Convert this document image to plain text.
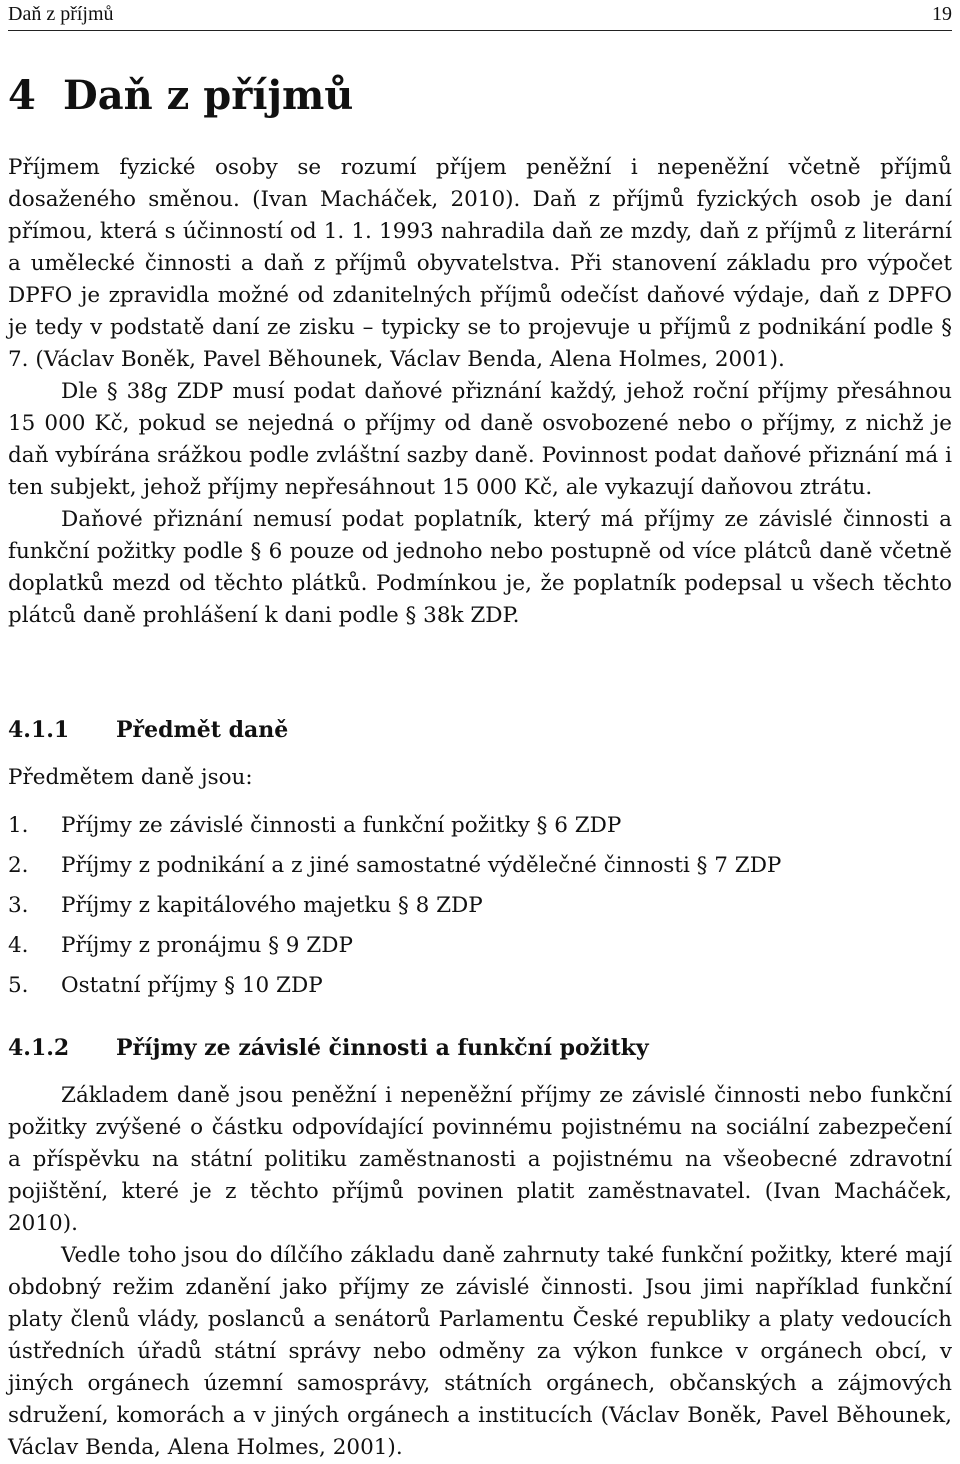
Daň z příjmů	19
4 Daň z příjmů

Příjmem fyzické osoby se rozumí příjem peněžní i nepeněžní včetně příjmů dosaženého směnou. (Ivan Macháček, 2010). Daň z příjmů fyzických osob je daní přímou, která s účinností od 1. 1. 1993 nahradila daň ze mzdy, daň z příjmů z literární a umělecké činnosti a daň z příjmů obyvatelstva. Při stanovení základu pro výpočet DPFO je zpravidla možné od zdanitelných příjmů odečíst daňové výdaje, daň z DPFO je tedy v podstatě daní ze zisku – typicky se to projevuje u příjmů z podnikání podle § 7. (Václav Boněk, Pavel Běhounek, Václav Benda, Alena Holmes, 2001).

Dle § 38g ZDP musí podat daňové přiznání každý, jehož roční příjmy přesáhnou 15 000 Kč, pokud se nejedná o příjmy od daně osvobozené nebo o příjmy, z nichž je daň vybírána srážkou podle zvláštní sazby daně. Povinnost podat daňové přiznání má i ten subjekt, jehož příjmy nepřesáhnout 15 000 Kč, ale vykazují daňovou ztrátu.

Daňové přiznání nemusí podat poplatník, který má příjmy ze závislé činnosti a funkční požitky podle § 6 pouze od jednoho nebo postupně od více plátců daně včetně doplatků mezd od těchto plátků. Podmínkou je, že poplatník podepsal u všech těchto plátců daně prohlášení k dani podle § 38k ZDP.

4.1.1	Předmět daně

Předmětem daně jsou:

1.	Příjmy ze závislé činnosti a funkční požitky § 6 ZDP
2.	Příjmy z podnikání a z jiné samostatné výdělečné činnosti § 7 ZDP
3.	Příjmy z kapitálového majetku § 8 ZDP
4.	Příjmy z pronájmu § 9 ZDP
5.	Ostatní příjmy § 10 ZDP
4.1.2	Příjmy ze závislé činnosti a funkční požitky

Základem daně jsou peněžní i nepeněžní příjmy ze závislé činnosti nebo funkční požitky zvýšené o částku odpovídající povinnému pojistnému na sociální zabezpečení a příspěvku na státní politiku zaměstnanosti a pojistnému na všeobecné zdravotní pojištění, které je z těchto příjmů povinen platit zaměstnavatel. (Ivan Macháček, 2010).

Vedle toho jsou do dílčího základu daně zahrnuty také funkční požitky, které mají obdobný režim zdanění jako příjmy ze závislé činnosti. Jsou jimi například funkční platy členů vlády, poslanců a senátorů Parlamentu České republiky a platy vedoucích ústředních úřadů státní správy nebo odměny za výkon funkce v orgánech obcí, v jiných orgánech územní samosprávy, státních orgánech, občanských a zájmových sdružení, komorách a v jiných orgánech a institucích (Václav Boněk, Pavel Běhounek, Václav Benda, Alena Holmes, 2001).
